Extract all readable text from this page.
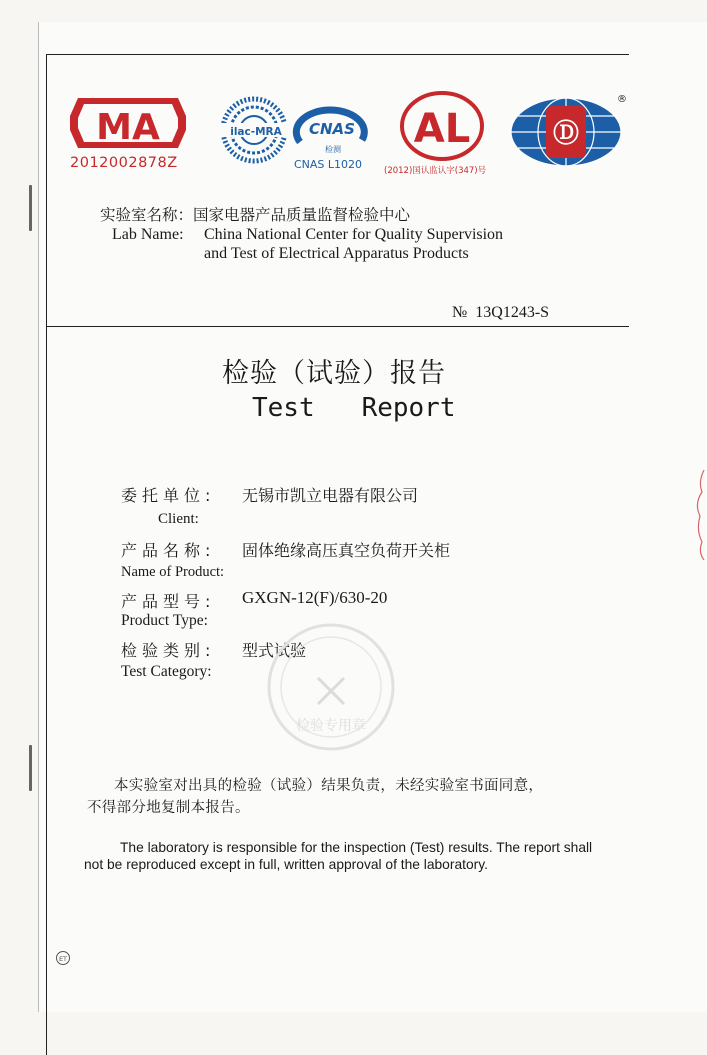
MA
2012002878Z
ilac-MRA CNAS
检测
CNAS L1020
AL
(2012)国认监认字(347)号
Ⓓ
®
实验室名称：国家电器产品质量监督检验中心
Lab Name: China National Center for Quality Supervision
and Test of Electrical Apparatus Products
№ 13Q1243-S
检验（试验）报告
Test   Report
委托单位: 无锡市凯立电器有限公司
Client:
产品名称: 固体绝缘高压真空负荷开关柜
Name of Product:
产品型号: GXGN-12(F)/630-20
Product Type:
检验类别: 型式试验
Test Category:
检验专用章
本实验室对出具的检验（试验）结果负责，未经实验室书面同意，
不得部分地复制本报告。
The laboratory is responsible for the inspection (Test) results. The report shall
not be reproduced except in full, written approval of the laboratory.
ET
